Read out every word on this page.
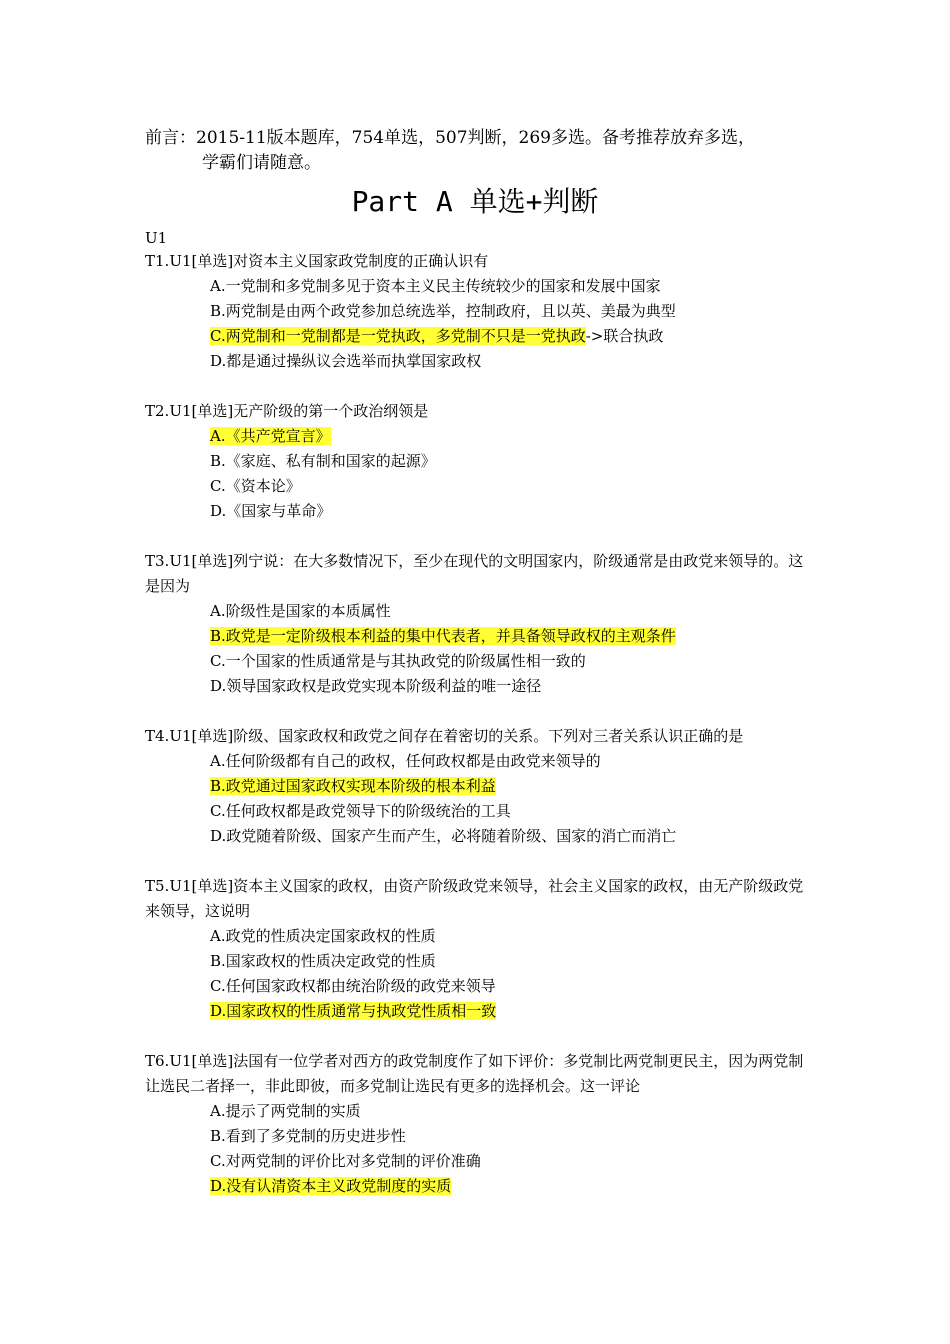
前言：2015-11版本题库，754单选，507判断，269多选。备考推荐放弃多选，
学霸们请随意。
Part A 单选+判断
U1
T1.U1[单选]对资本主义国家政党制度的正确认识有
A.一党制和多党制多见于资本主义民主传统较少的国家和发展中国家
B.两党制是由两个政党参加总统选举，控制政府，且以英、美最为典型
C.两党制和一党制都是一党执政，多党制不只是一党执政->联合执政
D.都是通过操纵议会选举而执掌国家政权
T2.U1[单选]无产阶级的第一个政治纲领是
A.《共产党宣言》
B.《家庭、私有制和国家的起源》
C.《资本论》
D.《国家与革命》
T3.U1[单选]列宁说：在大多数情况下，至少在现代的文明国家内，阶级通常是由政党来领导的。这是因为
A.阶级性是国家的本质属性
B.政党是一定阶级根本利益的集中代表者，并具备领导政权的主观条件
C.一个国家的性质通常是与其执政党的阶级属性相一致的
D.领导国家政权是政党实现本阶级利益的唯一途径
T4.U1[单选]阶级、国家政权和政党之间存在着密切的关系。下列对三者关系认识正确的是
A.任何阶级都有自己的政权，任何政权都是由政党来领导的
B.政党通过国家政权实现本阶级的根本利益
C.任何政权都是政党领导下的阶级统治的工具
D.政党随着阶级、国家产生而产生，必将随着阶级、国家的消亡而消亡
T5.U1[单选]资本主义国家的政权，由资产阶级政党来领导，社会主义国家的政权，由无产阶级政党来领导，这说明
A.政党的性质决定国家政权的性质
B.国家政权的性质决定政党的性质
C.任何国家政权都由统治阶级的政党来领导
D.国家政权的性质通常与执政党性质相一致
T6.U1[单选]法国有一位学者对西方的政党制度作了如下评价：多党制比两党制更民主，因为两党制让选民二者择一，非此即彼，而多党制让选民有更多的选择机会。这一评论
A.提示了两党制的实质
B.看到了多党制的历史进步性
C.对两党制的评价比对多党制的评价准确
D.没有认清资本主义政党制度的实质
